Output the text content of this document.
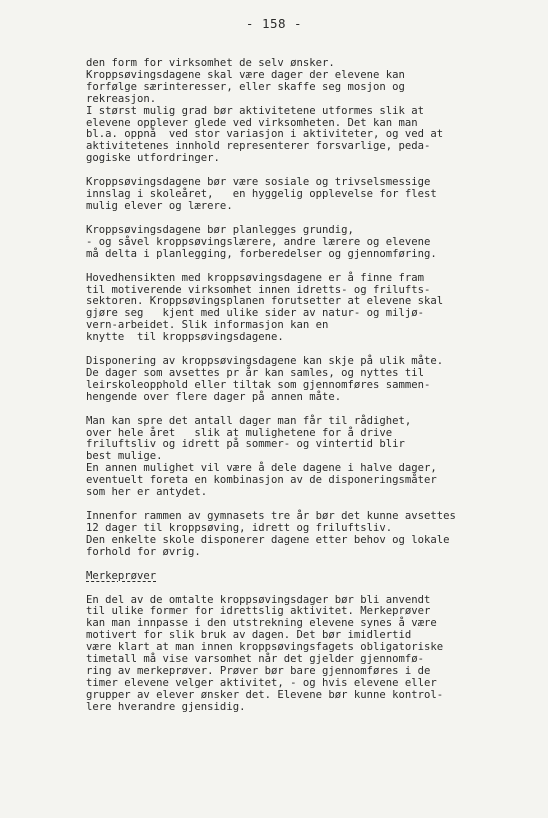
- 158 -

den form for virksomhet de selv ønsker.
Kroppsøvingsdagene skal være dager der elevene kan
forfølge særinteresser, eller skaffe seg mosjon og
rekreasjon.
I størst mulig grad bør aktivitetene utformes slik at
elevene opplever glede ved virksomheten. Det kan man
bl.a. oppnå  ved stor variasjon i aktiviteter, og ved at
aktivitetenes innhold representerer forsvarlige, peda-
gogiske utfordringer.

Kroppsøvingsdagene bør være sosiale og trivselsmessige
innslag i skoleåret,   en hyggelig opplevelse for flest
mulig elever og lærere.

Kroppsøvingsdagene bør planlegges grundig,
- og såvel kroppsøvingslærere, andre lærere og elevene
må delta i planlegging, forberedelser og gjennomføring.

Hovedhensikten med kroppsøvingsdagene er å finne fram
til motiverende virksomhet innen idretts- og frilufts-
sektoren. Kroppsøvingsplanen forutsetter at elevene skal
gjøre seg   kjent med ulike sider av natur- og miljø-
vern-arbeidet. Slik informasjon kan en
knytte  til kroppsøvingsdagene.

Disponering av kroppsøvingsdagene kan skje på ulik måte.
De dager som avsettes pr år kan samles, og nyttes til
leirskoleopphold eller tiltak som gjennomføres sammen-
hengende over flere dager på annen måte.

Man kan spre det antall dager man får til rådighet,
over hele året   slik at mulighetene for å drive
friluftsliv og idrett på sommer- og vintertid blir
best mulige.
En annen mulighet vil være å dele dagene i halve dager,
eventuelt foreta en kombinasjon av de disponeringsmåter
som her er antydet.

Innenfor rammen av gymnasets tre år bør det kunne avsettes
12 dager til kroppsøving, idrett og friluftsliv.
Den enkelte skole disponerer dagene etter behov og lokale
forhold for øvrig.

Merkeprøver

En del av de omtalte kroppsøvingsdager bør bli anvendt
til ulike former for idrettslig aktivitet. Merkeprøver
kan man innpasse i den utstrekning elevene synes å være
motivert for slik bruk av dagen. Det bør imidlertid
være klart at man innen kroppsøvingsfagets obligatoriske
timetall må vise varsomhet når det gjelder gjennomfø-
ring av merkeprøver. Prøver bør bare gjennomføres i de
timer elevene velger aktivitet, - og hvis elevene eller
grupper av elever ønsker det. Elevene bør kunne kontrol-
lere hverandre gjensidig.
